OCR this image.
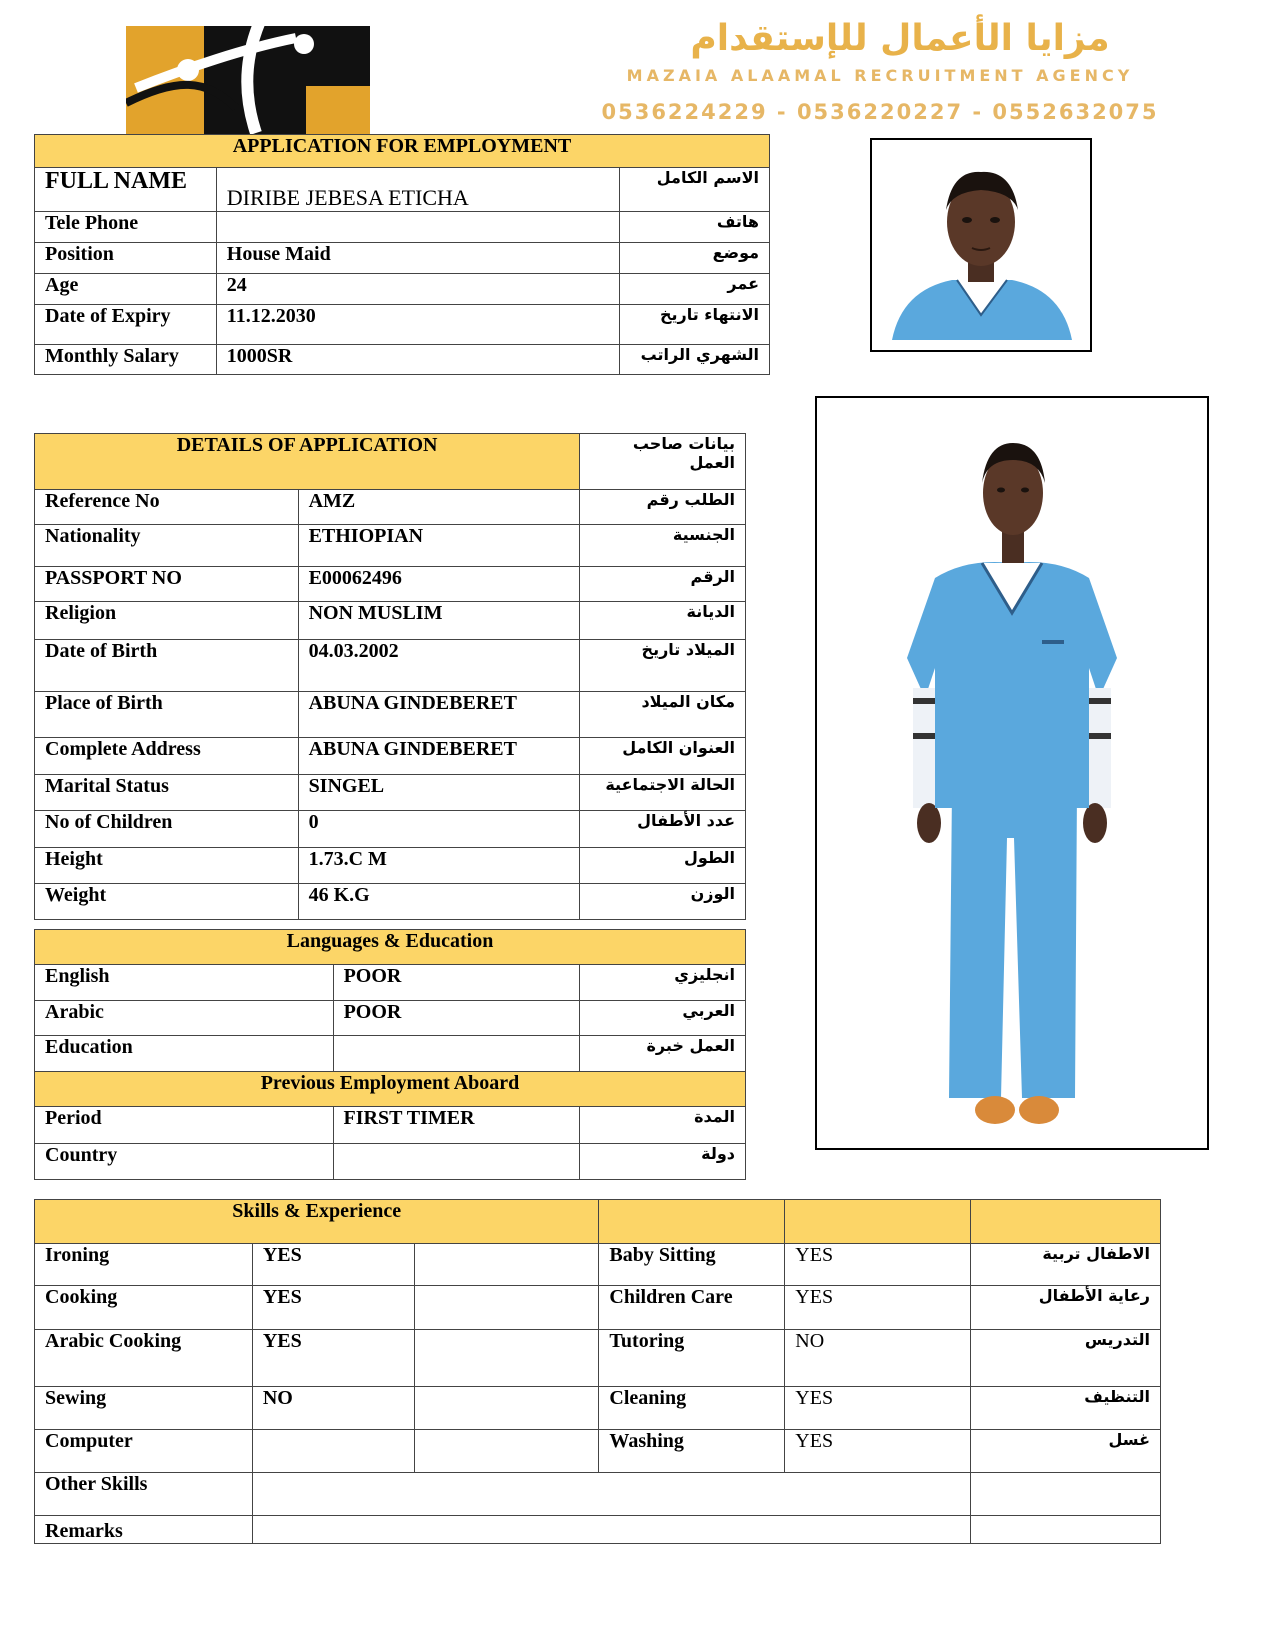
مزايا الأعمال للإستقدام
MAZAIA ALAAMAL RECRUITMENT AGENCY
0536224229 - 0536220227 - 0552632075
APPLICATION FOR EMPLOYMENT		
FULL NAME	DIRIBE JEBESA ETICHA	الاسم الكامل
Tele Phone		هاتف
Position	House Maid	موضع
Age	24	عمر
Date of Expiry	11.12.2030	الانتهاء تاريخ
Monthly Salary	1000SR	الشهري الراتب
DETAILS OF APPLICATION		بيانات صاحب العمل
Reference No	AMZ	الطلب رقم
Nationality	ETHIOPIAN	الجنسية
PASSPORT NO	E00062496	الرقم
Religion	NON MUSLIM	الديانة
Date of Birth	04.03.2002	الميلاد تاريخ
Place of Birth	ABUNA GINDEBERET	مكان الميلاد
Complete Address	ABUNA GINDEBERET	العنوان الكامل
Marital Status	SINGEL	الحالة الاجتماعية
No of Children	0	عدد الأطفال
Height	1.73.C M	الطول
Weight	46 K.G	الوزن
Languages & Education		
English	POOR	انجليزي
Arabic	POOR	العربي
Education		العمل خبرة
Previous Employment Aboard		
Period	FIRST TIMER	المدة
Country		دولة
Skills & Experience					
Ironing	YES		Baby Sitting	YES	الاطفال تربية
Cooking	YES		Children Care	YES	رعاية الأطفال
Arabic Cooking	YES		Tutoring	NO	التدريس
Sewing	NO		Cleaning	YES	التنظيف
Computer			Washing	YES	غسل
Other Skills					
Remarks					
